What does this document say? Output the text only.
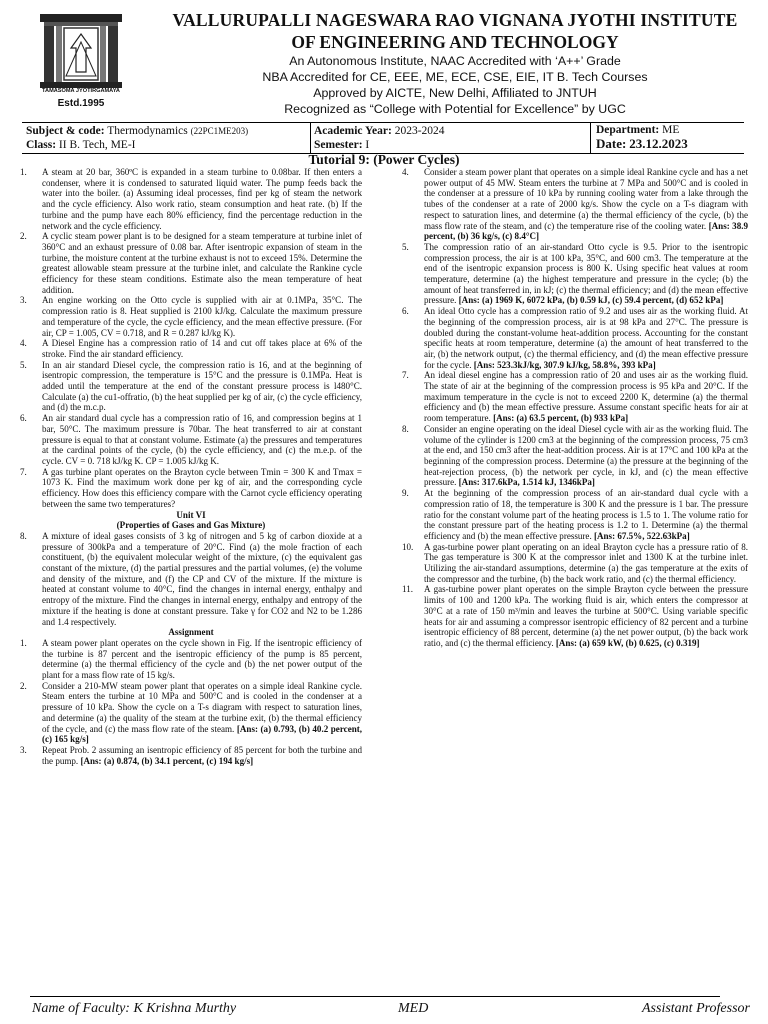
TAMASOMA JYOTIRGAMAYA
Estd.1995
VALLURUPALLI NAGESWARA RAO VIGNANA JYOTHI INSTITUTE
OF ENGINEERING AND TECHNOLOGY
An Autonomous Institute, NAAC Accredited with ‘A++’ Grade
NBA Accredited for CE, EEE, ME, ECE, CSE, EIE, IT B. Tech Courses
Approved by AICTE, New Delhi, Affiliated to JNTUH
Recognized as “College with Potential for Excellence” by UGC
Subject & code: Thermodynamics (22PC1ME203)
Class: II B. Tech, ME-I
Academic Year: 2023-2024
Semester: I
Department: ME
Date: 23.12.2023
Tutorial 9: (Power Cycles)

1. A steam at 20 bar, 360ºC is expanded in a steam turbine to 0.08bar. If then enters a condenser, where it is condensed to saturated liquid water. The pump feeds back the water into the boiler. (a) Assuming ideal processes, find per kg of steam the network and the cycle efficiency. Also work ratio, steam consumption and heat rate. (b) If the turbine and the pump have each 80% efficiency, find the percentage reduction in the network and the cycle efficiency.

2. A cyclic steam power plant is to be designed for a steam temperature at turbine inlet of 360°C and an exhaust pressure of 0.08 bar. After isentropic expansion of steam in the turbine, the moisture content at the turbine exhaust is not to exceed 15%. Determine the greatest allowable steam pressure at the turbine inlet, and calculate the Rankine cycle efficiency for these steam conditions. Estimate also the mean temperature of heat addition.

3. An engine working on the Otto cycle is supplied with air at 0.1MPa, 35°C. The compression ratio is 8. Heat supplied is 2100 kJ/kg. Calculate the maximum pressure and temperature of the cycle, the cycle efficiency, and the mean effective pressure. (For air, CP = 1.005, CV = 0.718, and R = 0.287 kJ/kg K).

4. A Diesel Engine has a compression ratio of 14 and cut off takes place at 6% of the stroke. Find the air standard efficiency.

5. In an air standard Diesel cycle, the compression ratio is 16, and at the beginning of isentropic compression, the temperature is 15°C and the pressure is 0.1MPa. Heat is added until the temperature at the end of the constant pressure process is l480°C. Calculate (a) the cu1-offratio, (b) the heat supplied per kg of air, (c) the cycle efficiency, and (d) the m.c.p.

6. An air standard dual cycle has a compression ratio of 16, and compression begins at 1 bar, 50°C. The maximum pressure is 70bar. The heat transferred to air at constant pressure is equal to that at constant volume. Estimate (a) the pressures and temperatures at the cardinal points of the cycle, (b) the cycle efficiency, and (c) the m.e.p. of the cycle. CV = 0. 718 kJ/kg K. CP = 1.005 kJ/kg K.

7. A gas turbine plant operates on the Brayton cycle between Tmin = 300 K and Tmax = 1073 K. Find the maximum work done per kg of air, and the corresponding cycle efficiency. How does this efficiency compare with the Carnot cycle efficiency operating between the same two temperatures?

Unit VI

(Properties of Gases and Gas Mixture)

8. A mixture of ideal gases consists of 3 kg of nitrogen and 5 kg of carbon dioxide at a pressure of 300kPa and a temperature of 20°C. Find (a) the mole fraction of each constituent, (b) the equivalent molecular weight of the mixture, (c) the equivalent gas constant of the mixture, (d) the partial pressures and the partial volumes, (e) the volume and density of the mixture, and (f) the CP and CV of the mixture. If the mixture is heated at constant volume to 40°C, find the changes in internal energy, enthalpy and entropy of the mixture. Find the changes in internal energy, enthalpy and entropy of the mixture if the heating is done at constant pressure. Take γ for CO2 and N2 to be 1.286 and 1.4 respectively.

Assignment

1. A steam power plant operates on the cycle shown in Fig. If the isentropic efficiency of the turbine is 87 percent and the isentropic efficiency of the pump is 85 percent, determine (a) the thermal efficiency of the cycle and (b) the net power output of the plant for a mass flow rate of 15 kg/s.

2. Consider a 210-MW steam power plant that operates on a simple ideal Rankine cycle. Steam enters the turbine at 10 MPa and 500°C and is cooled in the condenser at a pressure of 10 kPa. Show the cycle on a T-s diagram with respect to saturation lines, and determine (a) the quality of the steam at the turbine exit, (b) the thermal efficiency of the cycle, and (c) the mass flow rate of the steam. [Ans: (a) 0.793, (b) 40.2 percent, (c) 165 kg/s]

3. Repeat Prob. 2 assuming an isentropic efficiency of 85 percent for both the turbine and the pump. [Ans: (a) 0.874, (b) 34.1 percent, (c) 194 kg/s]

4. Consider a steam power plant that operates on a simple ideal Rankine cycle and has a net power output of 45 MW. Steam enters the turbine at 7 MPa and 500°C and is cooled in the condenser at a pressure of 10 kPa by running cooling water from a lake through the tubes of the condenser at a rate of 2000 kg/s. Show the cycle on a T-s diagram with respect to saturation lines, and determine (a) the thermal efficiency of the cycle, (b) the mass flow rate of the steam, and (c) the temperature rise of the cooling water. [Ans: 38.9 percent, (b) 36 kg/s, (c) 8.4°C]

5. The compression ratio of an air-standard Otto cycle is 9.5. Prior to the isentropic compression process, the air is at 100 kPa, 35°C, and 600 cm3. The temperature at the end of the isentropic expansion process is 800 K. Using specific heat values at room temperature, determine (a) the highest temperature and pressure in the cycle; (b) the amount of heat transferred in, in kJ; (c) the thermal efficiency; and (d) the mean effective pressure. [Ans: (a) 1969 K, 6072 kPa, (b) 0.59 kJ, (c) 59.4 percent, (d) 652 kPa]

6. An ideal Otto cycle has a compression ratio of 9.2 and uses air as the working fluid. At the beginning of the compression process, air is at 98 kPa and 27°C. The pressure is doubled during the constant-volume heat-addition process. Accounting for the constant specific heats at room temperature, determine (a) the amount of heat transferred to the air, (b) the network output, (c) the thermal efficiency, and (d) the mean effective pressure for the cycle. [Ans: 523.3kJ/kg, 307.9 kJ/kg, 58.8%, 393 kPa]

7. An ideal diesel engine has a compression ratio of 20 and uses air as the working fluid. The state of air at the beginning of the compression process is 95 kPa and 20°C. If the maximum temperature in the cycle is not to exceed 2200 K, determine (a) the thermal efficiency and (b) the mean effective pressure. Assume constant specific heats for air at room temperature. [Ans: (a) 63.5 percent, (b) 933 kPa]

8. Consider an engine operating on the ideal Diesel cycle with air as the working fluid. The volume of the cylinder is 1200 cm3 at the beginning of the compression process, 75 cm3 at the end, and 150 cm3 after the heat-addition process. Air is at 17°C and 100 kPa at the beginning of the compression process. Determine (a) the pressure at the beginning of the heat-rejection process, (b) the network per cycle, in kJ, and (c) the mean effective pressure. [Ans: 317.6kPa, 1.514 kJ, 1346kPa]

9. At the beginning of the compression process of an air-standard dual cycle with a compression ratio of 18, the temperature is 300 K and the pressure is 1 bar. The pressure ratio for the constant volume part of the heating process is 1.5 to 1. The volume ratio for the constant pressure part of the heating process is 1.2 to 1. Determine (a) the thermal efficiency and (b) the mean effective pressure. [Ans: 67.5%, 522.63kPa]

10. A gas-turbine power plant operating on an ideal Brayton cycle has a pressure ratio of 8. The gas temperature is 300 K at the compressor inlet and 1300 K at the turbine inlet. Utilizing the air-standard assumptions, determine (a) the gas temperature at the exits of the compressor and the turbine, (b) the back work ratio, and (c) the thermal efficiency.

11. A gas-turbine power plant operates on the simple Brayton cycle between the pressure limits of 100 and 1200 kPa. The working fluid is air, which enters the compressor at 30°C at a rate of 150 m³/min and leaves the turbine at 500°C. Using variable specific heats for air and assuming a compressor isentropic efficiency of 82 percent and a turbine isentropic efficiency of 88 percent, determine (a) the net power output, (b) the back work ratio, and (c) the thermal efficiency. [Ans: (a) 659 kW, (b) 0.625, (c) 0.319]

Name of Faculty: K Krishna Murthy	MED	Assistant Professor
